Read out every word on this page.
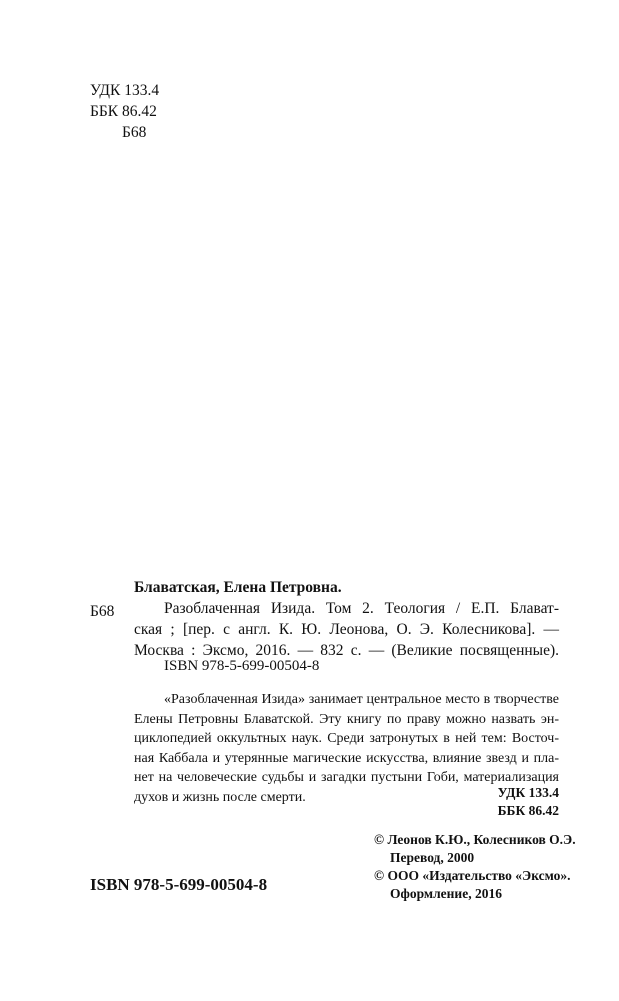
УДК 133.4
ББК 86.42
Б68
Блаватская, Елена Петровна.
Б68	Разоблаченная Изида. Том 2. Теология / Е.П. Блават-
ская ; [пер. с англ. К. Ю. Леонова, О. Э. Колесникова]. —
Москва : Эксмо, 2016. — 832 с. — (Великие посвященные).
ISBN 978-5-699-00504-8
«Разоблаченная Изида» занимает центральное место в творчестве
Елены Петровны Блаватской. Эту книгу по праву можно назвать эн-
циклопедией оккультных наук. Среди затронутых в ней тем: Восточ-
ная Каббала и утерянные магические искусства, влияние звезд и пла-
нет на человеческие судьбы и загадки пустыни Гоби, материализация
духов и жизнь после смерти.	УДК 133.4
ББК 86.42
© Леонов К.Ю., Колесников О.Э.
Перевод, 2000
© ООО «Издательство «Эксмо».
Оформление, 2016
ISBN 978-5-699-00504-8
